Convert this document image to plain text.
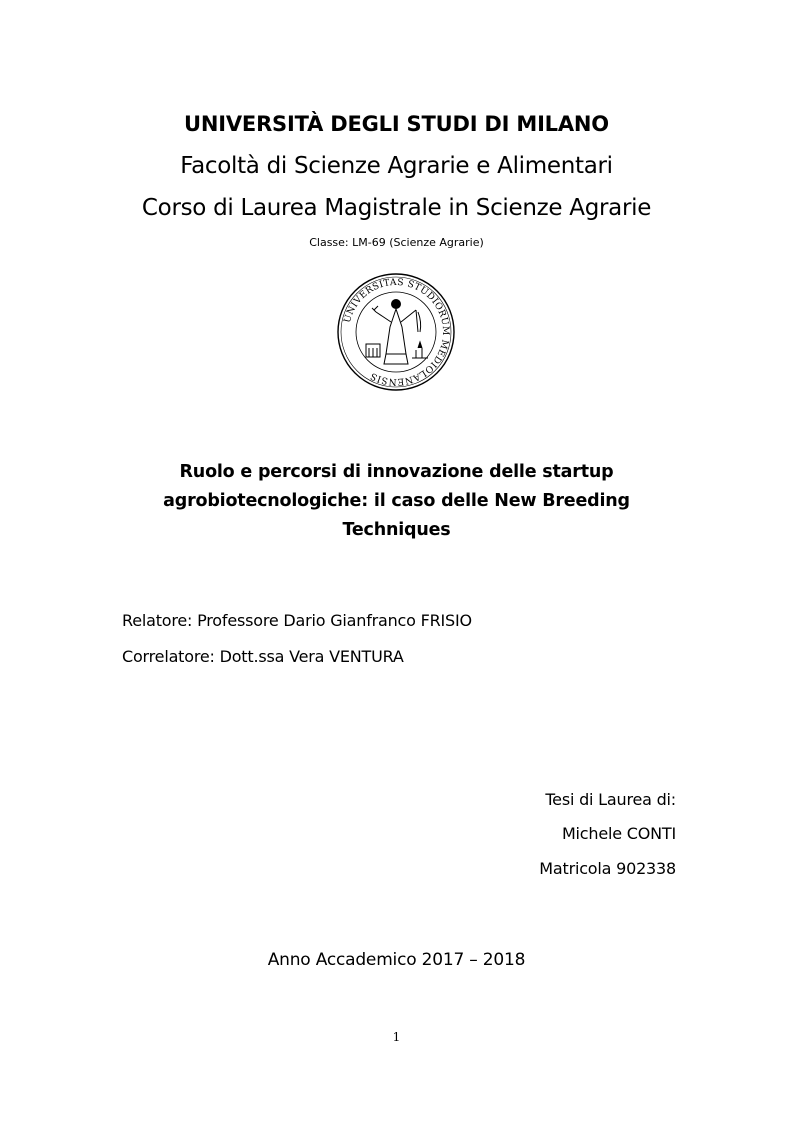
UNIVERSITÀ DEGLI STUDI DI MILANO
Facoltà di Scienze Agrarie e Alimentari
Corso di Laurea Magistrale in Scienze Agrarie
Classe: LM-69 (Scienze Agrarie)
UNIVERSITAS STUDIORUM MEDIOLANENSIS
Ruolo e percorsi di innovazione delle startup agrobiotecnologiche: il caso delle New Breeding Techniques
Relatore: Professore Dario Gianfranco FRISIO
Correlatore: Dott.ssa Vera VENTURA
Tesi di Laurea di:
Michele CONTI
Matricola 902338
Anno Accademico 2017 – 2018
1
